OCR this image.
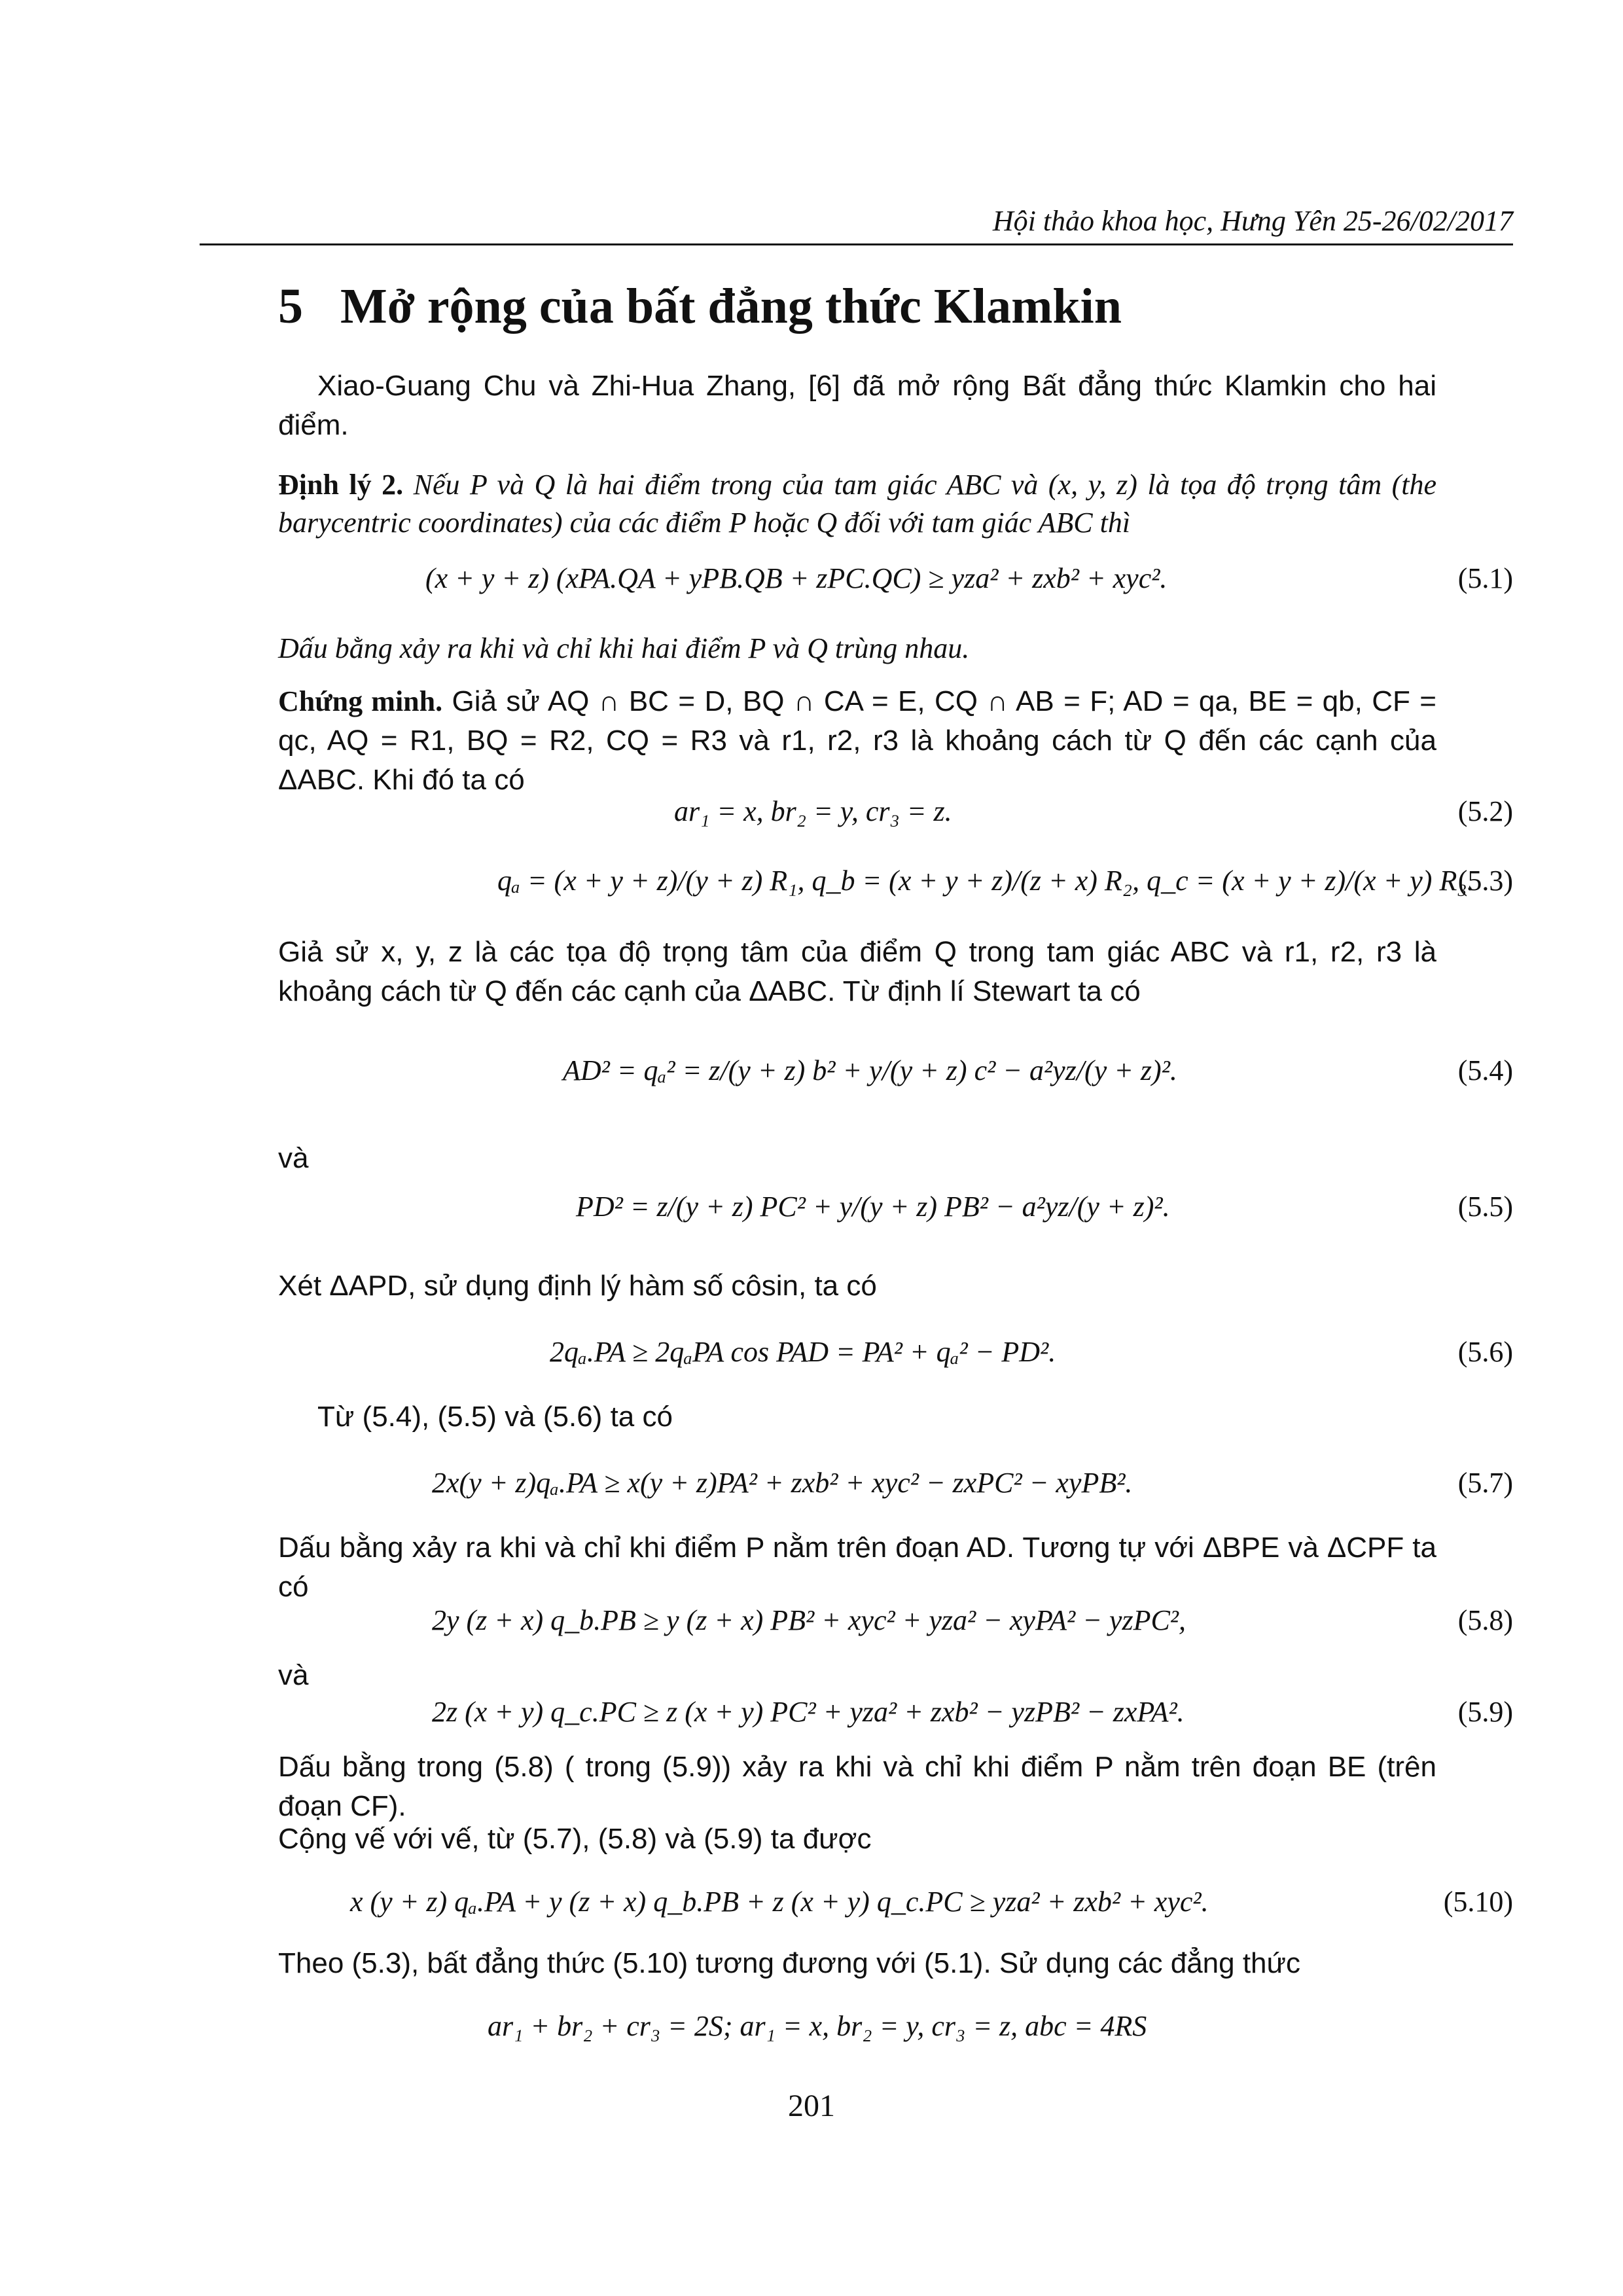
Hội thảo khoa học, Hưng Yên 25-26/02/2017
5 Mở rộng của bất đẳng thức Klamkin
Xiao-Guang Chu và Zhi-Hua Zhang, [6] đã mở rộng Bất đẳng thức Klamkin cho hai điểm.
Định lý 2. Nếu P và Q là hai điểm trong của tam giác ABC và (x, y, z) là tọa độ trọng tâm (the barycentric coordinates) của các điểm P hoặc Q đối với tam giác ABC thì
(x + y + z) (xPA.QA + yPB.QB + zPC.QC) ≥ yza² + zxb² + xyc².	(5.1)
Dấu bằng xảy ra khi và chỉ khi hai điểm P và Q trùng nhau.
Chứng minh. Giả sử AQ ∩ BC = D, BQ ∩ CA = E, CQ ∩ AB = F; AD = qa, BE = qb, CF = qc, AQ = R1, BQ = R2, CQ = R3 và r1, r2, r3 là khoảng cách từ Q đến các cạnh của ΔABC. Khi đó ta có
ar₁ = x, br₂ = y, cr₃ = z.	(5.2)
qₐ = (x + y + z)/(y + z) R₁, q_b = (x + y + z)/(z + x) R₂, q_c = (x + y + z)/(x + y) R₃.
(5.3)
Giả sử x, y, z là các tọa độ trọng tâm của điểm Q trong tam giác ABC và r1, r2, r3 là khoảng cách từ Q đến các cạnh của ΔABC. Từ định lí Stewart ta có
AD² = qₐ² = z/(y + z) b² + y/(y + z) c² − a²yz/(y + z)².	(5.4)
và
PD² = z/(y + z) PC² + y/(y + z) PB² − a²yz/(y + z)².	(5.5)
Xét ΔAPD, sử dụng định lý hàm số côsin, ta có
2qₐ.PA ≥ 2qₐPA cos PAD = PA² + qₐ² − PD².	(5.6)
Từ (5.4), (5.5) và (5.6) ta có
2x(y + z)qₐ.PA ≥ x(y + z)PA² + zxb² + xyc² − zxPC² − xyPB².	(5.7)
Dấu bằng xảy ra khi và chỉ khi điểm P nằm trên đoạn AD. Tương tự với ΔBPE và ΔCPF ta có
2y (z + x) q_b.PB ≥ y (z + x) PB² + xyc² + yza² − xyPA² − yzPC²,	(5.8)
và
2z (x + y) q_c.PC ≥ z (x + y) PC² + yza² + zxb² − yzPB² − zxPA².	(5.9)
Dấu bằng trong (5.8) ( trong (5.9)) xảy ra khi và chỉ khi điểm P nằm trên đoạn BE (trên đoạn CF).
Cộng vế với vế, từ (5.7), (5.8) và (5.9) ta được
x (y + z) qₐ.PA + y (z + x) q_b.PB + z (x + y) q_c.PC ≥ yza² + zxb² + xyc².	(5.10)
Theo (5.3), bất đẳng thức (5.10) tương đương với (5.1). Sử dụng các đẳng thức
ar₁ + br₂ + cr₃ = 2S; ar₁ = x, br₂ = y, cr₃ = z, abc = 4RS
201
